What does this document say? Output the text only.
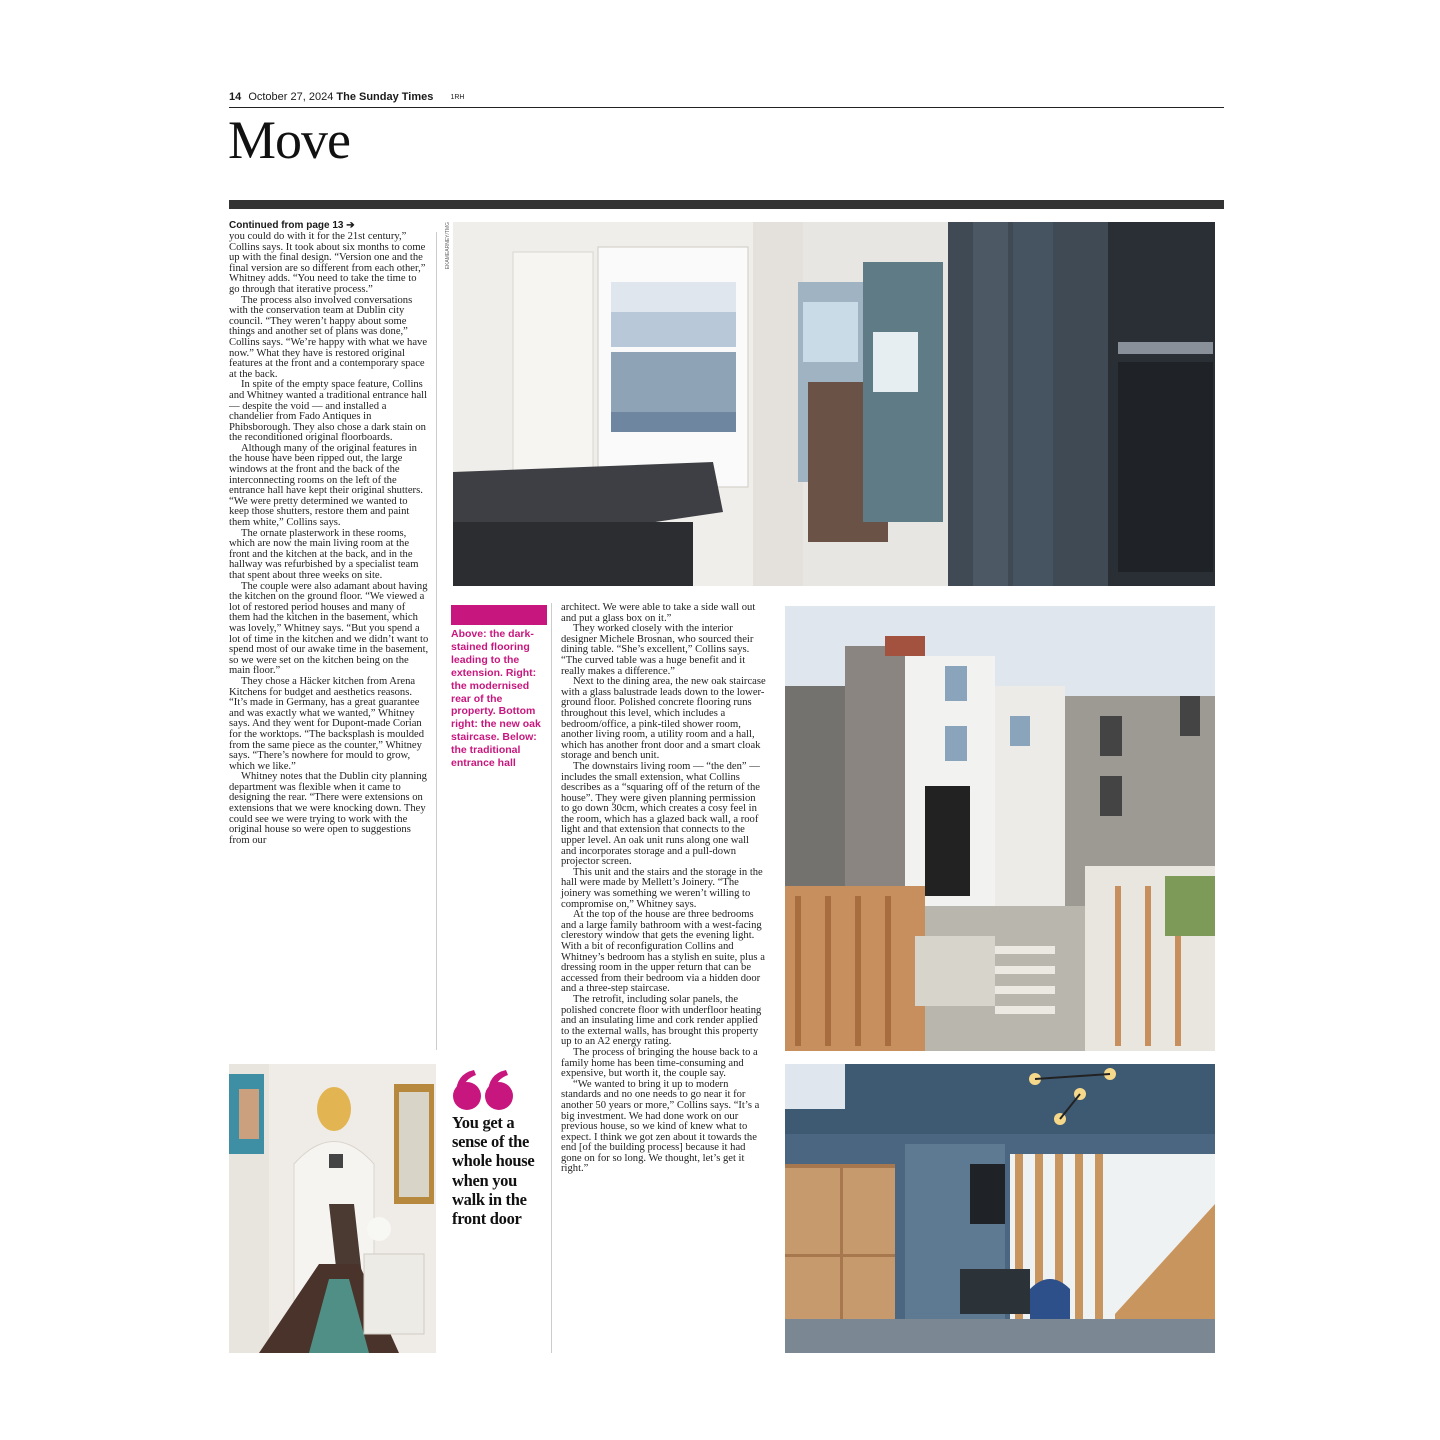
14 October 27, 2024 The Sunday Times 1RH
Move
Continued from page 13 ➔

you could do with it for the 21st century,” Collins says. It took about six months to come up with the final design. “Version one and the final version are so different from each other,” Whitney adds. “You need to take the time to go through that iterative process.”

The process also involved conversations with the conservation team at Dublin city council. “They weren’t happy about some things and another set of plans was done,” Collins says. “We’re happy with what we have now.” What they have is restored original features at the front and a contemporary space at the back.

In spite of the empty space feature, Collins and Whitney wanted a traditional entrance hall — despite the void — and installed a chandelier from Fado Antiques in Phibsborough. They also chose a dark stain on the reconditioned original floorboards.

Although many of the original features in the house have been ripped out, the large windows at the front and the back of the interconnecting rooms on the left of the entrance hall have kept their original shutters. “We were pretty determined we wanted to keep those shutters, restore them and paint them white,” Collins says.

The ornate plasterwork in these rooms, which are now the main living room at the front and the kitchen at the back, and in the hallway was refurbished by a specialist team that spent about three weeks on site.

The couple were also adamant about having the kitchen on the ground floor. “We viewed a lot of restored period houses and many of them had the kitchen in the basement, which was lovely,” Whitney says. “But you spend a lot of time in the kitchen and we didn’t want to spend most of our awake time in the basement, so we were set on the kitchen being on the main floor.”

They chose a Häcker kitchen from Arena Kitchens for budget and aesthetics reasons. “It’s made in Germany, has a great guarantee and was exactly what we wanted,” Whitney says. And they went for Dupont-made Corian for the worktops. “The backsplash is moulded from the same piece as the counter,” Whitney says. “There’s nowhere for mould to grow, which we like.”

Whitney notes that the Dublin city planning department was flexible when it came to designing the rear. “There were extensions on extensions that we were knocking down. They could see we were trying to work with the original house so were open to suggestions from our

EKAMEARNEY/TMG
Above: the dark-stained flooring leading to the extension. Right: the modernised rear of the property. Bottom right: the new oak staircase. Below: the traditional entrance hall

architect. We were able to take a side wall out and put a glass box on it.”

They worked closely with the interior designer Michele Brosnan, who sourced their dining table. “She’s excellent,” Collins says. “The curved table was a huge benefit and it really makes a difference.”

Next to the dining area, the new oak staircase with a glass balustrade leads down to the lower-ground floor. Polished concrete flooring runs throughout this level, which includes a bedroom/office, a pink-tiled shower room, another living room, a utility room and a hall, which has another front door and a smart cloak storage and bench unit.

The downstairs living room — “the den” — includes the small extension, what Collins describes as a “squaring off of the return of the house”. They were given planning permission to go down 30cm, which creates a cosy feel in the room, which has a glazed back wall, a roof light and that extension that connects to the upper level. An oak unit runs along one wall and incorporates storage and a pull-down projector screen.

This unit and the stairs and the storage in the hall were made by Mellett’s Joinery. “The joinery was something we weren’t willing to compromise on,” Whitney says.

At the top of the house are three bedrooms and a large family bathroom with a west-facing clerestory window that gets the evening light. With a bit of reconfiguration Collins and Whitney’s bedroom has a stylish en suite, plus a dressing room in the upper return that can be accessed from their bedroom via a hidden door and a three-step staircase.

The retrofit, including solar panels, the polished concrete floor with underfloor heating and an insulating lime and cork render applied to the external walls, has brought this property up to an A2 energy rating.

The process of bringing the house back to a family home has been time-consuming and expensive, but worth it, the couple say.

“We wanted to bring it up to modern standards and no one needs to go near it for another 50 years or more,” Collins says. “It’s a big investment. We had done work on our previous house, so we kind of knew what to expect. I think we got zen about it towards the end [of the building process] because it had gone on for so long. We thought, let’s get it right.”

You get a sense of the whole house when you walk in the front door
